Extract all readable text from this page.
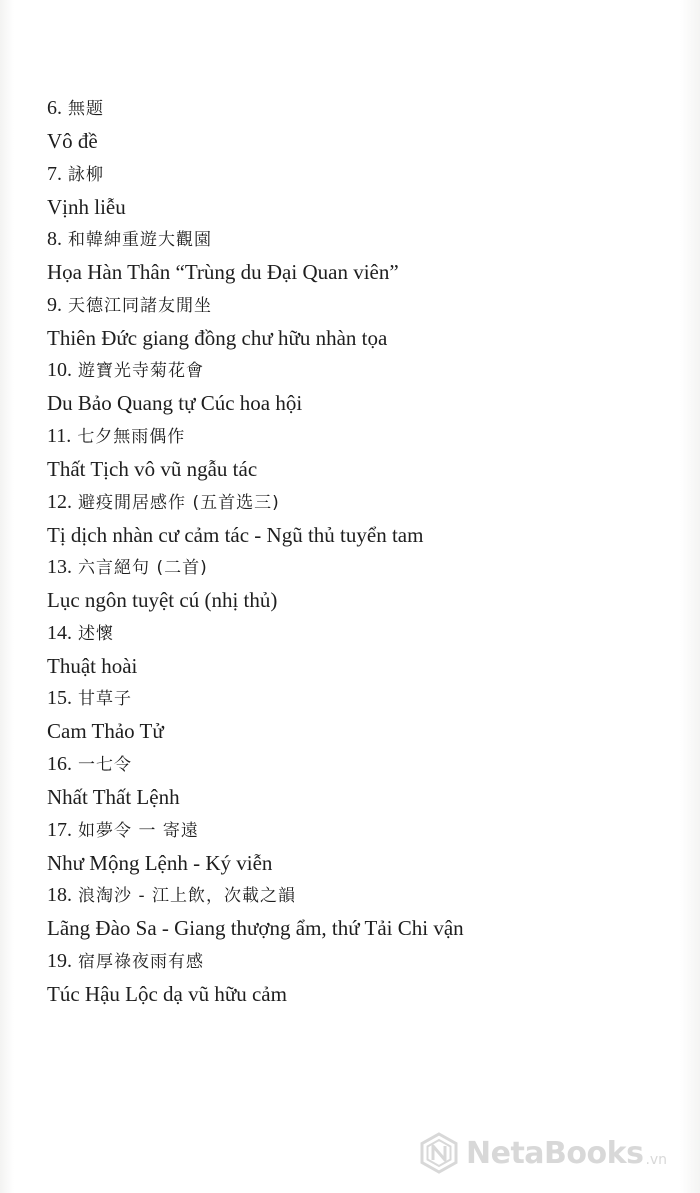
6. 無题
Vô đề
7. 詠柳
Vịnh liễu
8. 和韓紳重遊大觀園
Họa Hàn Thân “Trùng du Đại Quan viên”
9. 天德江同諸友閒坐
Thiên Đức giang đồng chư hữu nhàn tọa
10. 遊寶光寺菊花會
Du Bảo Quang tự Cúc hoa hội
11. 七夕無雨偶作
Thất Tịch vô vũ ngẫu tác
12. 避疫閒居感作 (五首选三)
Tị dịch nhàn cư cảm tác - Ngũ thủ tuyển tam
13. 六言絕句 (二首)
Lục ngôn tuyệt cú (nhị thủ)
14. 述懷
Thuật hoài
15. 甘草子
Cam Thảo Tử
16. 一七令
Nhất Thất Lệnh
17. 如夢令 一 寄遠
Như Mộng Lệnh - Ký viễn
18. 浪淘沙 - 江上飲，次載之韻
Lãng Đào Sa - Giang thượng ẩm, thứ Tải Chi vận
19. 宿厚祿夜雨有感
Túc Hậu Lộc dạ vũ hữu cảm
NetaBooks .vn
